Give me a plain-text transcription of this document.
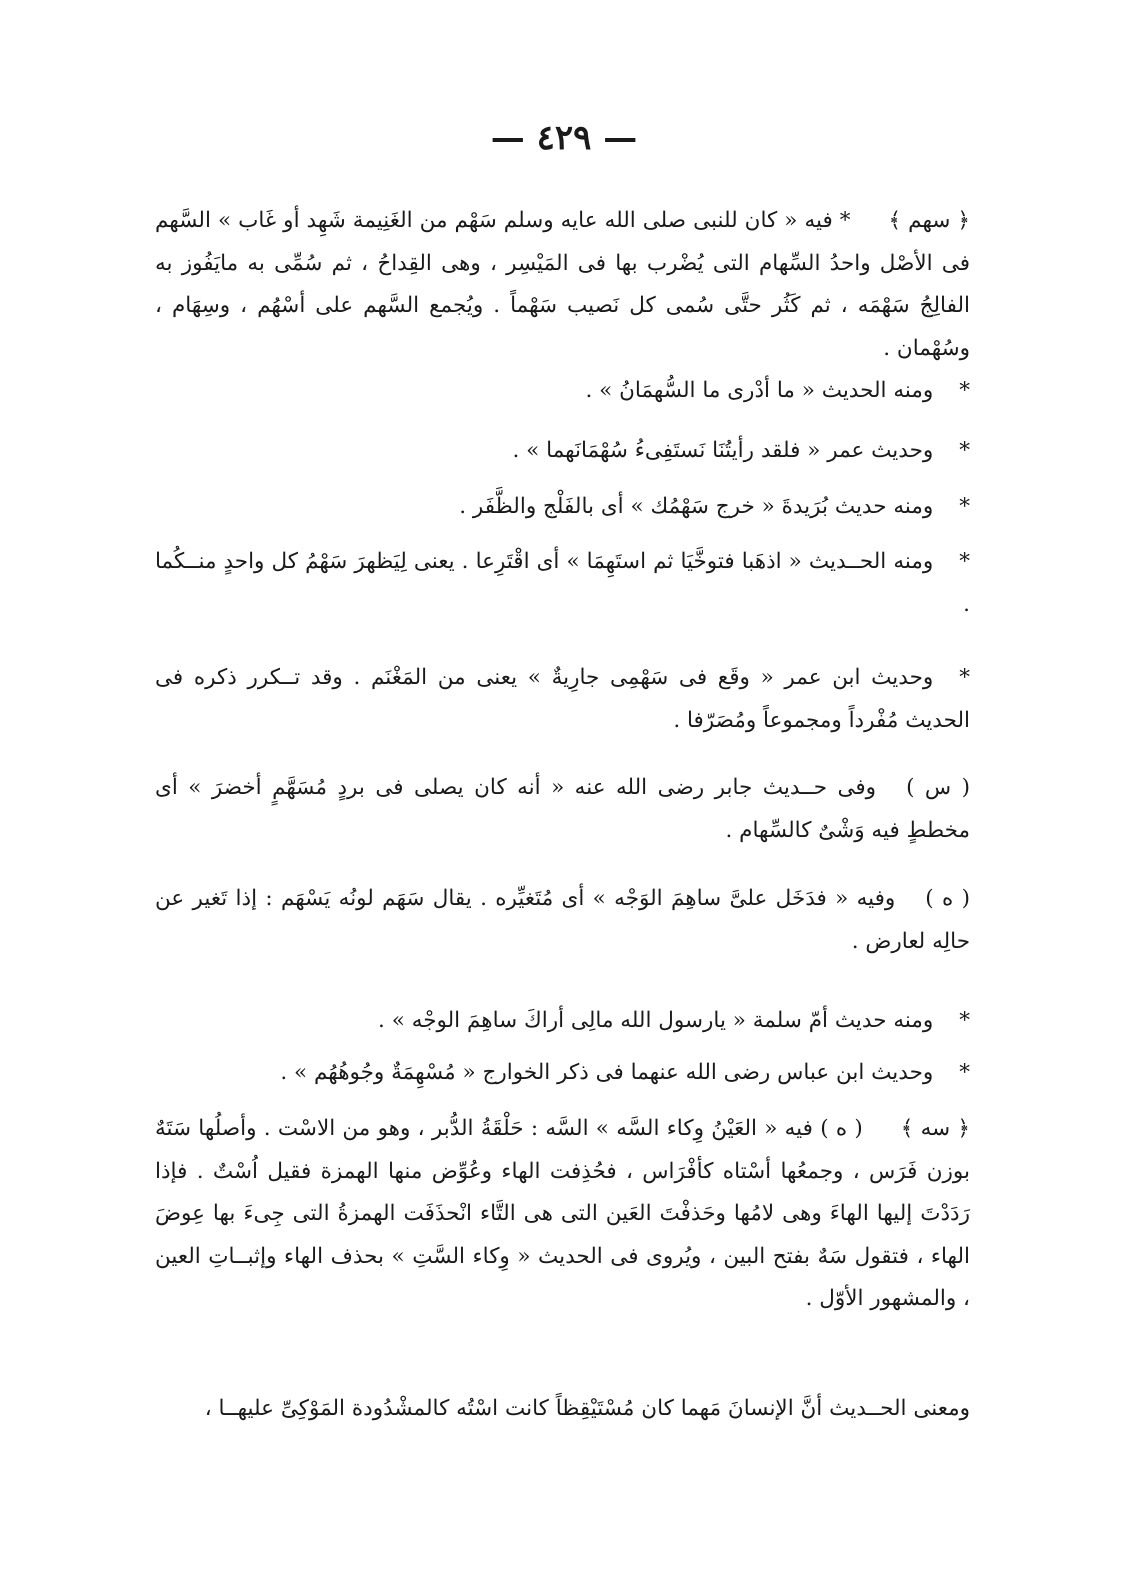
— ٤٢٩ —
﴿ سهم ﴾* فيه « كان للنبى صلى الله عايه وسلم سَهْم من الغَنِيمة شَهِد أو غَاب » السَّهم فى الأصْل واحدُ السِّهام التى يُضْرب بها فى المَيْسِر ، وهى القِداحُ ، ثم سُمِّى به مايَفُوز به الفالِجُ سَهْمَه ، ثم كَثُر حتَّى سُمى كل نَصيب سَهْماً . ويُجمع السَّهم على أسْهُم ، وسِهَام ، وسُهْمان .
*ومنه الحديث « ما أدْرى ما السُّهمَانُ » .
*وحديث عمر « فلقد رأيتُنَا نَستَفِىءُ سُهْمَانَهما » .
*ومنه حديث بُرَيدةَ « خرج سَهْمُك » أى بالفَلْج والظَّفَر .
*ومنه الحــديث « اذهَبا فتوخَّيَا ثم استَهِمَا » أى اقْتَرِعا . يعنى لِيَظهرَ سَهْمُ كل واحدٍ منــكُما .
*وحديث ابن عمر « وقَع فى سَهْمِى جارِيةٌ » يعنى من المَغْنَم . وقد تــكرر ذكره فى الحديث مُفْرداً ومجموعاً ومُصَرّفا .
( س )وفى حــديث جابر رضى الله عنه « أنه كان يصلى فى بردٍ مُسَهَّمٍ أخضرَ » أى مخططٍ فيه وَشْىٌ كالسِّهام .
( ه )وفيه « فدَخَل علىَّ ساهِمَ الوَجْه » أى مُتَغيِّره . يقال سَهَم لونُه يَسْهَم : إذا تَغير عن حالِه لعارض .
*ومنه حديث أمّ سلمة « يارسول الله مالِى أراكَ ساهِمَ الوجْه » .
*وحديث ابن عباس رضى الله عنهما فى ذكر الخوارج « مُسْهِمَةٌ وجُوهُهُم » .
﴿ سه ﴾( ه ) فيه « العَيْنُ وِكاء السَّه » السَّه : حَلْقَةُ الدُّبر ، وهو من الاسْت . وأصلُها سَتَهٌ بوزن فَرَس ، وجمعُها أسْتاه كأفْرَاس ، فحُذِفت الهاء وعُوِّض منها الهمزة فقيل اُسْتٌ . فإذا رَدَدْتَ إليها الهاءَ وهى لامُها وحَذفْتَ العَين التى هى التَّاء انْحذَفَت الهمزةُ التى جِىءَ بها عِوضَ الهاء ، فتقول سَهٌ بفتح البين ، ويُروى فى الحديث « وِكاء السَّتِ » بحذف الهاء وإثبــاتِ العين ، والمشهور الأوّل .
ومعنى الحــديث أنَّ الإنسانَ مَهما كان مُسْتَيْقِظاً كانت اسْتُه كالمشْدُودة المَوْكِىِّ عليهــا ،
